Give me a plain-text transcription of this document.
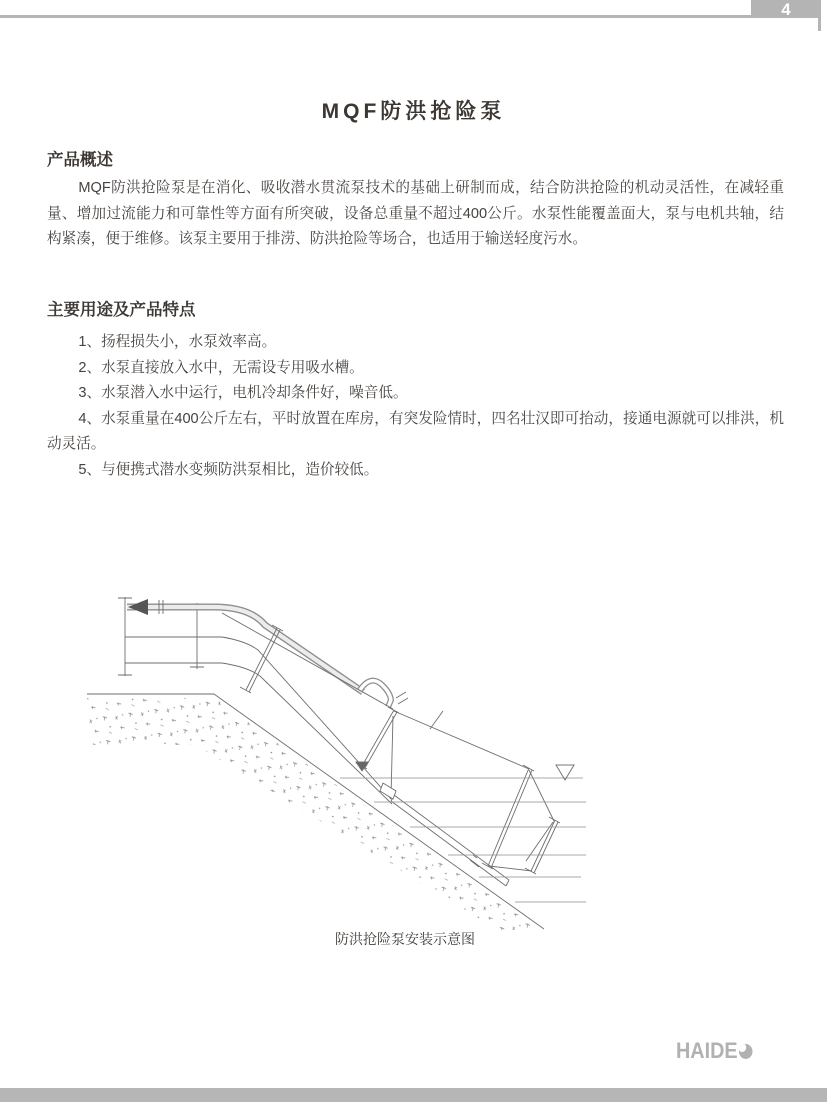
4
MQF防洪抢险泵
产品概述

MQF防洪抢险泵是在消化、吸收潜水贯流泵技术的基础上研制而成，结合防洪抢险的机动灵活性，在减轻重量、增加过流能力和可靠性等方面有所突破，设备总重量不超过400公斤。水泵性能覆盖面大，泵与电机共轴，结构紧凑，便于维修。该泵主要用于排涝、防洪抢险等场合，也适用于输送轻度污水。

主要用途及产品特点

1、扬程损失小，水泵效率高。

2、水泵直接放入水中，无需设专用吸水槽。

3、水泵潜入水中运行，电机冷却条件好，噪音低。

4、水泵重量在400公斤左右，平时放置在库房，有突发险情时，四名壮汉即可抬动，接通电源就可以排洪，机动灵活。

5、与便携式潜水变频防洪泵相比，造价较低。

防洪抢险泵安装示意图
HAIDE
